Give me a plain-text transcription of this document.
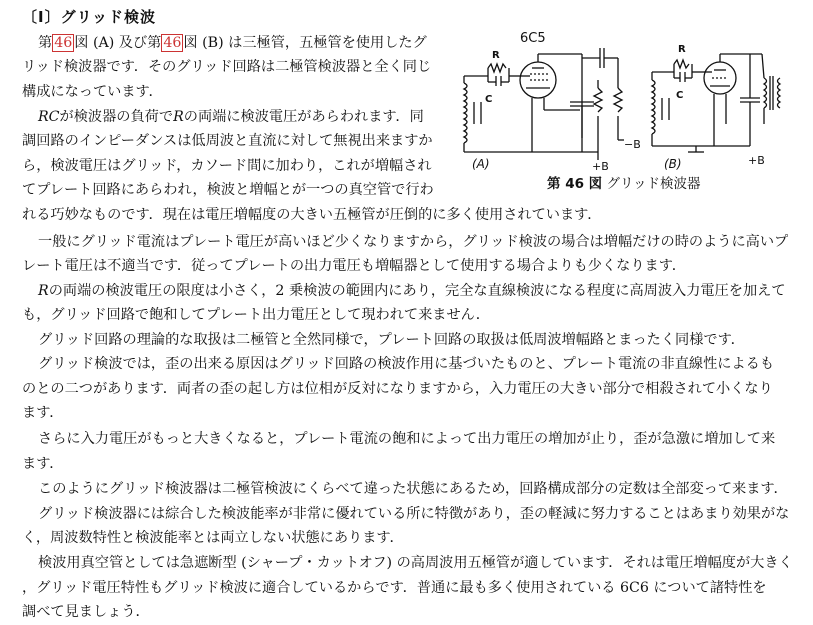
〔I〕グリッド検波
6C5
R
C
(A)	+B
−B
R
C
(B)	+B
第 46 図 グリッド検波器
第 46 図 (A) 及び第 46 図 (B) は三極管，五極管を使用したグ
リッド検波器です．そのグリッド回路は二極管検波器と全く同じ
構成になっています．
RCが検波器の負荷でRの両端に検波電圧があらわれます．同
調回路のインピーダンスは低周波と直流に対して無視出来ますか
ら，検波電圧はグリッド，カソード間に加わり，これが増幅され
てプレート回路にあらわれ，検波と増幅とが一つの真空管で行わ
れる巧妙なものです．現在は電圧増幅度の大きい五極管が圧倒的に多く使用されています．
一般にグリッド電流はプレート電圧が高いほど少くなりますから，グリッド検波の場合は増幅だけの時のように高いプ
レート電圧は不適当です．従ってプレートの出力電圧も増幅器として使用する場合よりも少くなります．
Rの両端の検波電圧の限度は小さく，2 乗検波の範囲内にあり，完全な直線検波になる程度に高周波入力電圧を加えて
も，グリッド回路で飽和してプレート出力電圧として現われて来ません．
グリッド回路の理論的な取扱は二極管と全然同様で，プレート回路の取扱は低周波増幅路とまったく同様です．
グリッド検波では，歪の出来る原因はグリッド回路の検波作用に基づいたものと、プレート電流の非直線性によるも
のとの二つがあります．両者の歪の起し方は位相が反対になりますから，入力電圧の大きい部分で相殺されて小くなり
ます．
さらに入力電圧がもっと大きくなると，プレート電流の飽和によって出力電圧の増加が止り，歪が急激に増加して来
ます．
このようにグリッド検波器は二極管検波にくらべて違った状態にあるため，回路構成部分の定数は全部変って来ます．
グリッド検波器には綜合した検波能率が非常に優れている所に特徴があり，歪の軽減に努力することはあまり効果がな
く，周波数特性と検波能率とは両立しない状態にあります．
検波用真空管としては急遮断型 (シャープ・カットオフ) の高周波用五極管が適しています．それは電圧増幅度が大きく
，グリッド電圧特性もグリッド検波に適合しているからです．普通に最も多く使用されている 6C6 について諸特性を
調べて見ましょう．
